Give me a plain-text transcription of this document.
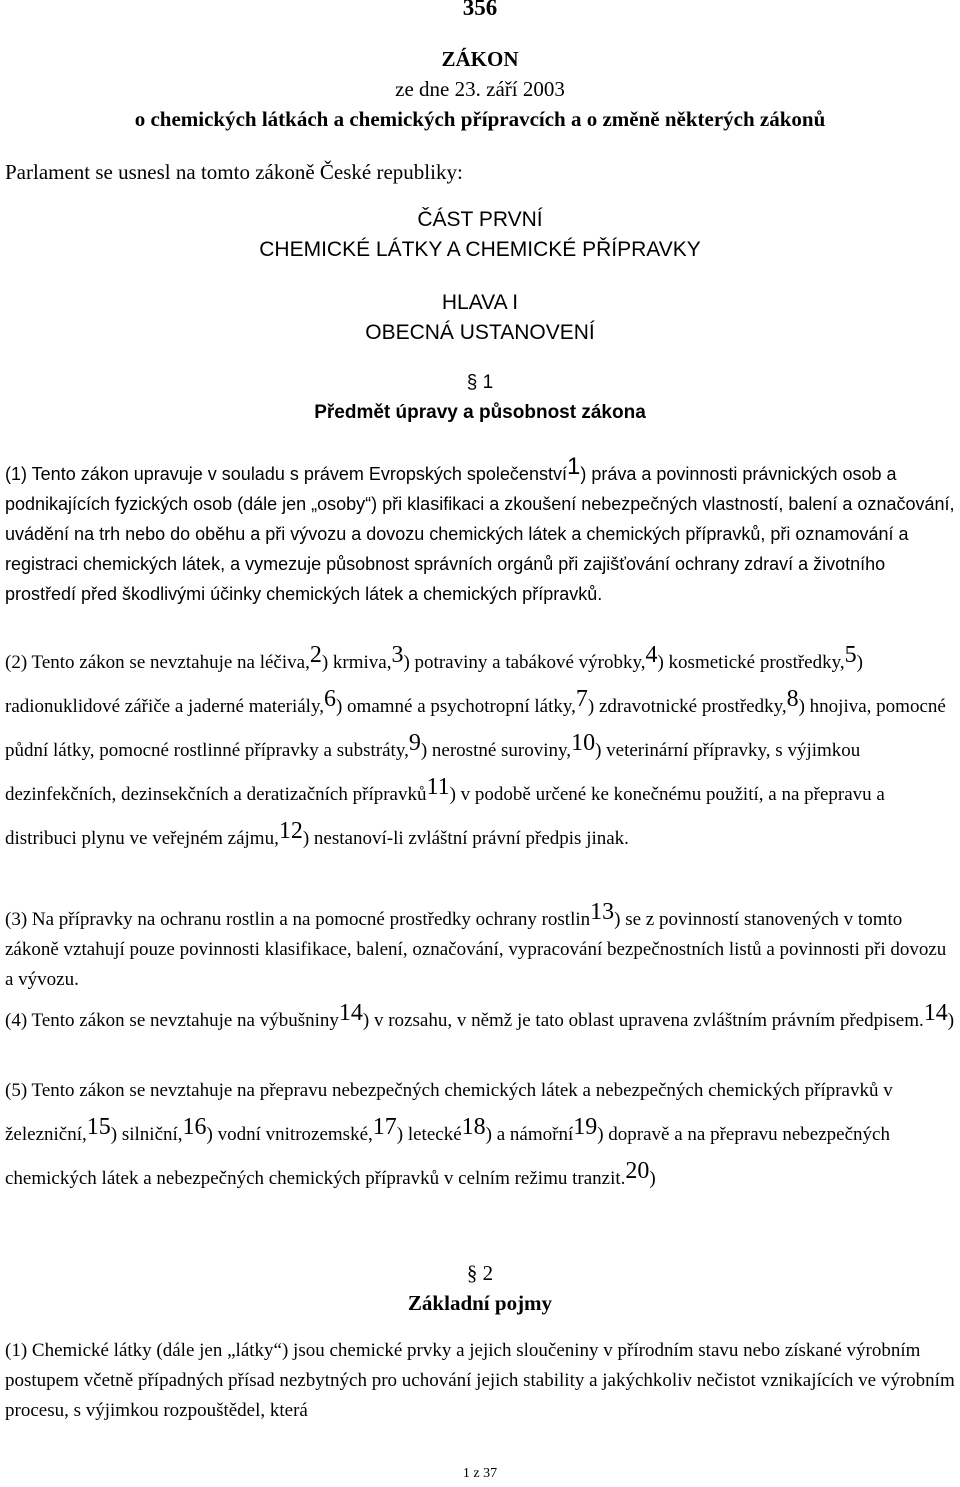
356
ZÁKON
ze dne 23. září 2003
o chemických látkách a chemických přípravcích a o změně některých zákonů
Parlament se usnesl na tomto zákoně České republiky:
ČÁST PRVNÍ
CHEMICKÉ LÁTKY A CHEMICKÉ PŘÍPRAVKY
HLAVA I
OBECNÁ USTANOVENÍ
§ 1
Předmět úpravy a působnost zákona

(1) Tento zákon upravuje v souladu s právem Evropských společenství1) práva a povinnosti právnických osob a podnikajících fyzických osob (dále jen „osoby“) při klasifikaci a zkoušení nebezpečných vlastností, balení a označování, uvádění na trh nebo do oběhu a při vývozu a dovozu chemických látek a chemických přípravků, při oznamování a registraci chemických látek, a vymezuje působnost správních orgánů při zajišťování ochrany zdraví a životního prostředí před škodlivými účinky chemických látek a chemických přípravků.

(2) Tento zákon se nevztahuje na léčiva,2) krmiva,3) potraviny a tabákové výrobky,4) kosmetické prostředky,5) radionuklidové zářiče a jaderné materiály,6) omamné a psychotropní látky,7) zdravotnické prostředky,8) hnojiva, pomocné půdní látky, pomocné rostlinné přípravky a substráty,9) nerostné suroviny,10) veterinární přípravky, s výjimkou dezinfekčních, dezinsekčních a deratizačních přípravků11) v podobě určené ke konečnému použití, a na přepravu a distribuci plynu ve veřejném zájmu,12) nestanoví-li zvláštní právní předpis jinak.

(3) Na přípravky na ochranu rostlin a na pomocné prostředky ochrany rostlin13) se z povinností stanovených v tomto zákoně vztahují pouze povinnosti klasifikace, balení, označování, vypracování bezpečnostních listů a povinnosti při dovozu a vývozu.

(4) Tento zákon se nevztahuje na výbušniny14) v rozsahu, v němž je tato oblast upravena zvláštním právním předpisem.14)

(5) Tento zákon se nevztahuje na přepravu nebezpečných chemických látek a nebezpečných chemických přípravků v železniční,15) silniční,16) vodní vnitrozemské,17) letecké18) a námořní19) dopravě a na přepravu nebezpečných chemických látek a nebezpečných chemických přípravků v celním režimu tranzit.20)

§ 2
Základní pojmy

(1) Chemické látky (dále jen „látky“) jsou chemické prvky a jejich sloučeniny v přírodním stavu nebo získané výrobním postupem včetně případných přísad nezbytných pro uchování jejich stability a jakýchkoliv nečistot vznikajících ve výrobním procesu, s výjimkou rozpouštědel, která

1 z 37
